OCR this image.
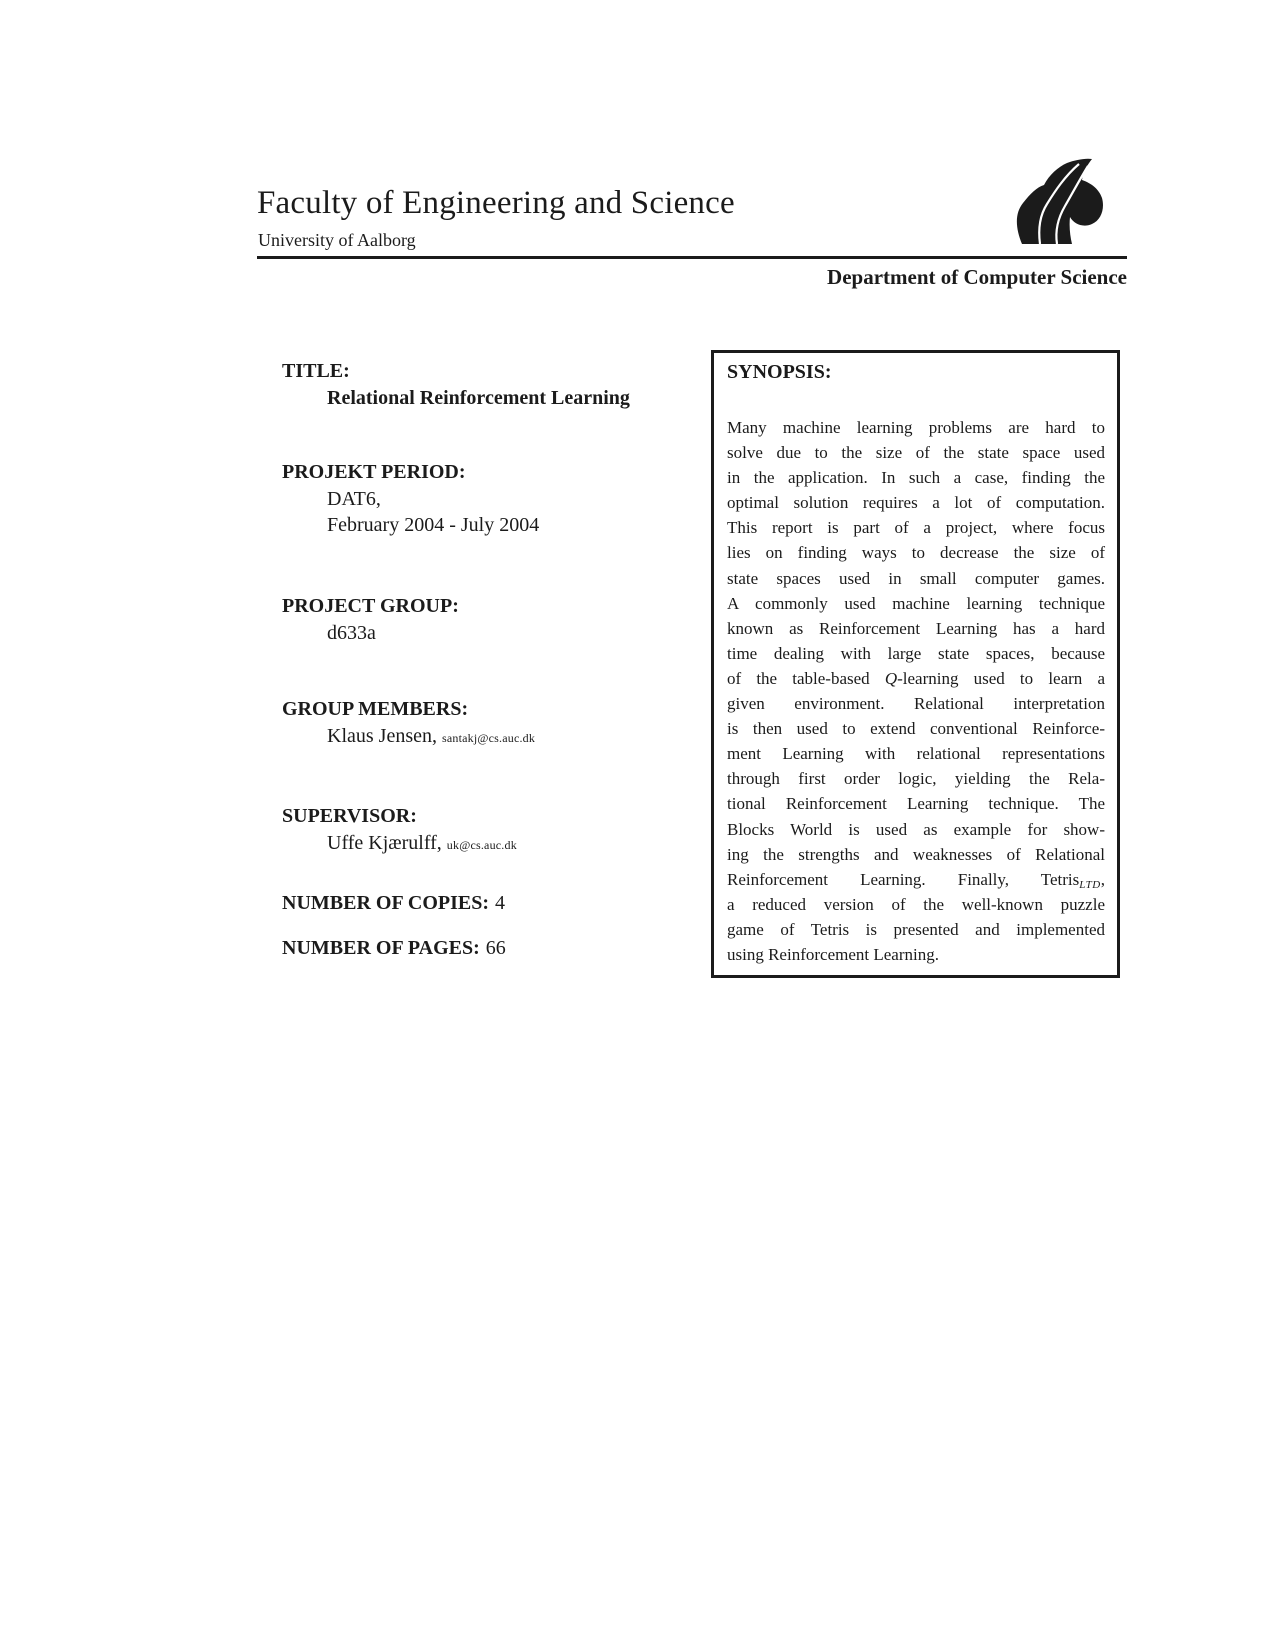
Faculty of Engineering and Science
University of Aalborg
Department of Computer Science
TITLE:
Relational Reinforcement Learning
PROJEKT PERIOD:
DAT6,
February 2004 - July 2004
PROJECT GROUP:
d633a
GROUP MEMBERS:
Klaus Jensen, santakj@cs.auc.dk
SUPERVISOR:
Uffe Kjærulff, uk@cs.auc.dk
NUMBER OF COPIES: 4
NUMBER OF PAGES: 66
SYNOPSIS:
Many machine learning problems are hard to
solve due to the size of the state space used
in the application. In such a case, finding the
optimal solution requires a lot of computation.
This report is part of a project, where focus
lies on finding ways to decrease the size of
state spaces used in small computer games.
A commonly used machine learning technique
known as Reinforcement Learning has a hard
time dealing with large state spaces, because
of the table-based Q-learning used to learn a
given environment. Relational interpretation
is then used to extend conventional Reinforce-
ment Learning with relational representations
through first order logic, yielding the Rela-
tional Reinforcement Learning technique. The
Blocks World is used as example for show-
ing the strengths and weaknesses of Relational
Reinforcement Learning. Finally, Tetris$_{LTD}$,
a reduced version of the well-known puzzle
game of Tetris is presented and implemented
using Reinforcement Learning.
